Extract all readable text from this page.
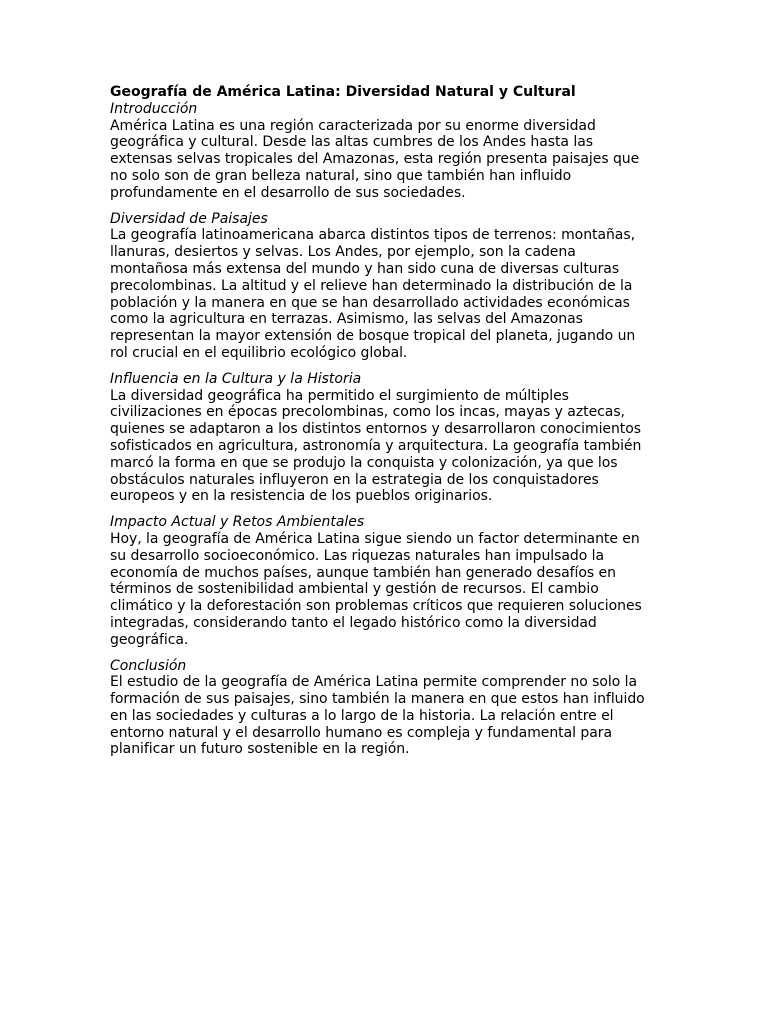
Geografía de América Latina: Diversidad Natural y Cultural

Introducción

América Latina es una región caracterizada por su enorme diversidad geográfica y cultural. Desde las altas cumbres de los Andes hasta las extensas selvas tropicales del Amazonas, esta región presenta paisajes que no solo son de gran belleza natural, sino que también han influido profundamente en el desarrollo de sus sociedades.

Diversidad de Paisajes

La geografía latinoamericana abarca distintos tipos de terrenos: montañas, llanuras, desiertos y selvas. Los Andes, por ejemplo, son la cadena montañosa más extensa del mundo y han sido cuna de diversas culturas precolombinas. La altitud y el relieve han determinado la distribución de la población y la manera en que se han desarrollado actividades económicas como la agricultura en terrazas. Asimismo, las selvas del Amazonas representan la mayor extensión de bosque tropical del planeta, jugando un rol crucial en el equilibrio ecológico global.

Influencia en la Cultura y la Historia

La diversidad geográfica ha permitido el surgimiento de múltiples civilizaciones en épocas precolombinas, como los incas, mayas y aztecas, quienes se adaptaron a los distintos entornos y desarrollaron conocimientos sofisticados en agricultura, astronomía y arquitectura. La geografía también marcó la forma en que se produjo la conquista y colonización, ya que los obstáculos naturales influyeron en la estrategia de los conquistadores europeos y en la resistencia de los pueblos originarios.

Impacto Actual y Retos Ambientales

Hoy, la geografía de América Latina sigue siendo un factor determinante en su desarrollo socioeconómico. Las riquezas naturales han impulsado la economía de muchos países, aunque también han generado desafíos en términos de sostenibilidad ambiental y gestión de recursos. El cambio climático y la deforestación son problemas críticos que requieren soluciones integradas, considerando tanto el legado histórico como la diversidad geográfica.

Conclusión

El estudio de la geografía de América Latina permite comprender no solo la formación de sus paisajes, sino también la manera en que estos han influido en las sociedades y culturas a lo largo de la historia. La relación entre el entorno natural y el desarrollo humano es compleja y fundamental para planificar un futuro sostenible en la región.
